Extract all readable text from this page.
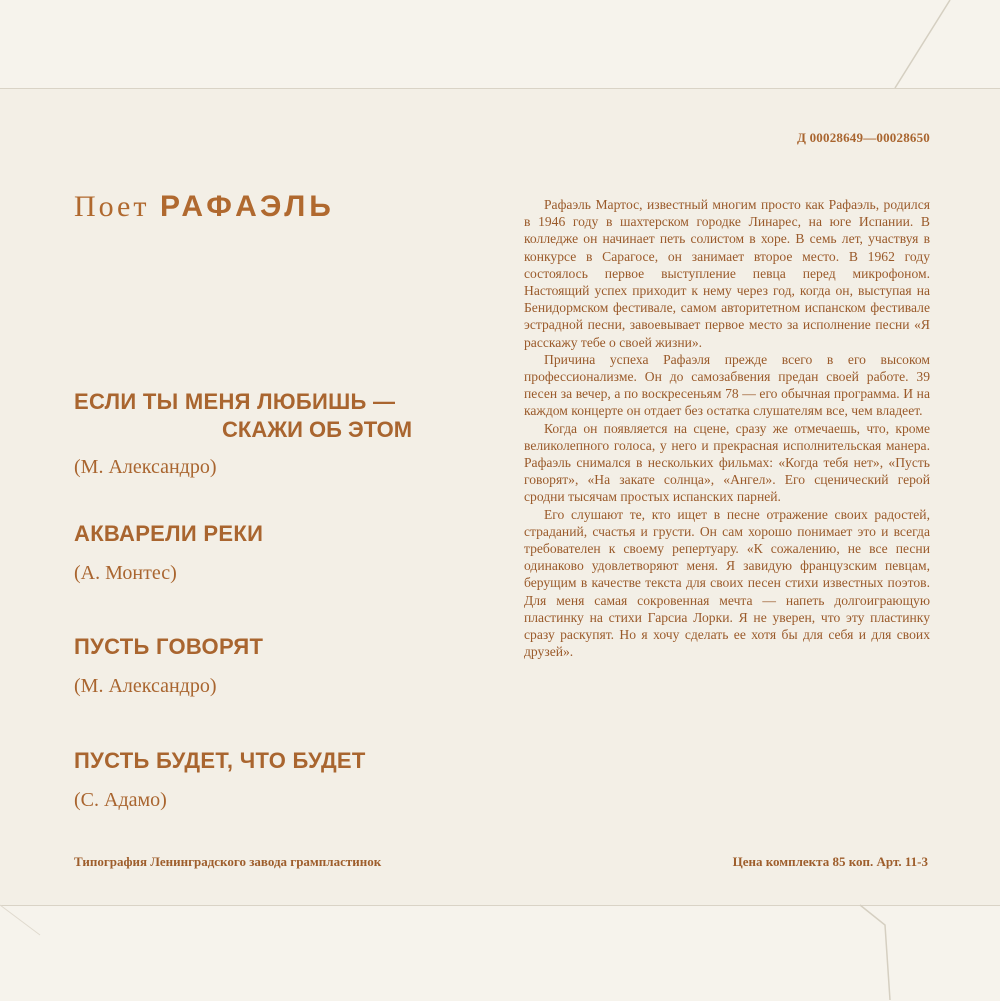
Д 00028649—00028650
Поет РАФАЭЛЬ
ЕСЛИ ТЫ МЕНЯ ЛЮБИШЬ —
СКАЖИ ОБ ЭТОМ
(М. Александро)
АКВАРЕЛИ РЕКИ
(А. Монтес)
ПУСТЬ ГОВОРЯТ
(М. Александро)
ПУСТЬ БУДЕТ, ЧТО БУДЕТ
(С. Адамо)

Рафаэль Мартос, известный многим просто как Рафаэль, родился в 1946 году в шахтерском городке Линарес, на юге Испании. В колледже он начинает петь солистом в хоре. В семь лет, участвуя в конкурсе в Сарагосе, он занимает второе место. В 1962 году состоялось первое выступление певца перед микрофоном. Настоящий успех приходит к нему через год, когда он, выступая на Бенидормском фестивале, самом авторитетном испанском фестивале эстрадной песни, завоевывает первое место за исполнение песни «Я расскажу тебе о своей жизни».

Причина успеха Рафаэля прежде всего в его высоком профессионализме. Он до самозабвения предан своей работе. 39 песен за вечер, а по воскресеньям 78 — его обычная программа. И на каждом концерте он отдает без остатка слушателям все, чем владеет.

Когда он появляется на сцене, сразу же отмечаешь, что, кроме великолепного голоса, у него и прекрасная исполнительская манера. Рафаэль снимался в нескольких фильмах: «Когда тебя нет», «Пусть говорят», «На закате солнца», «Ангел». Его сценический герой сродни тысячам простых испанских парней.

Его слушают те, кто ищет в песне отражение своих радостей, страданий, счастья и грусти. Он сам хорошо понимает это и всегда требователен к своему репертуару. «К сожалению, не все песни одинаково удовлетворяют меня. Я завидую французским певцам, берущим в качестве текста для своих песен стихи известных поэтов. Для меня самая сокровенная мечта — напеть долгоиграющую пластинку на стихи Гарсиа Лорки. Я не уверен, что эту пластинку сразу раскупят. Но я хочу сделать ее хотя бы для себя и для своих друзей».

Типография Ленинградского завода грампластинок	Цена комплекта 85 коп. Арт. 11-3
